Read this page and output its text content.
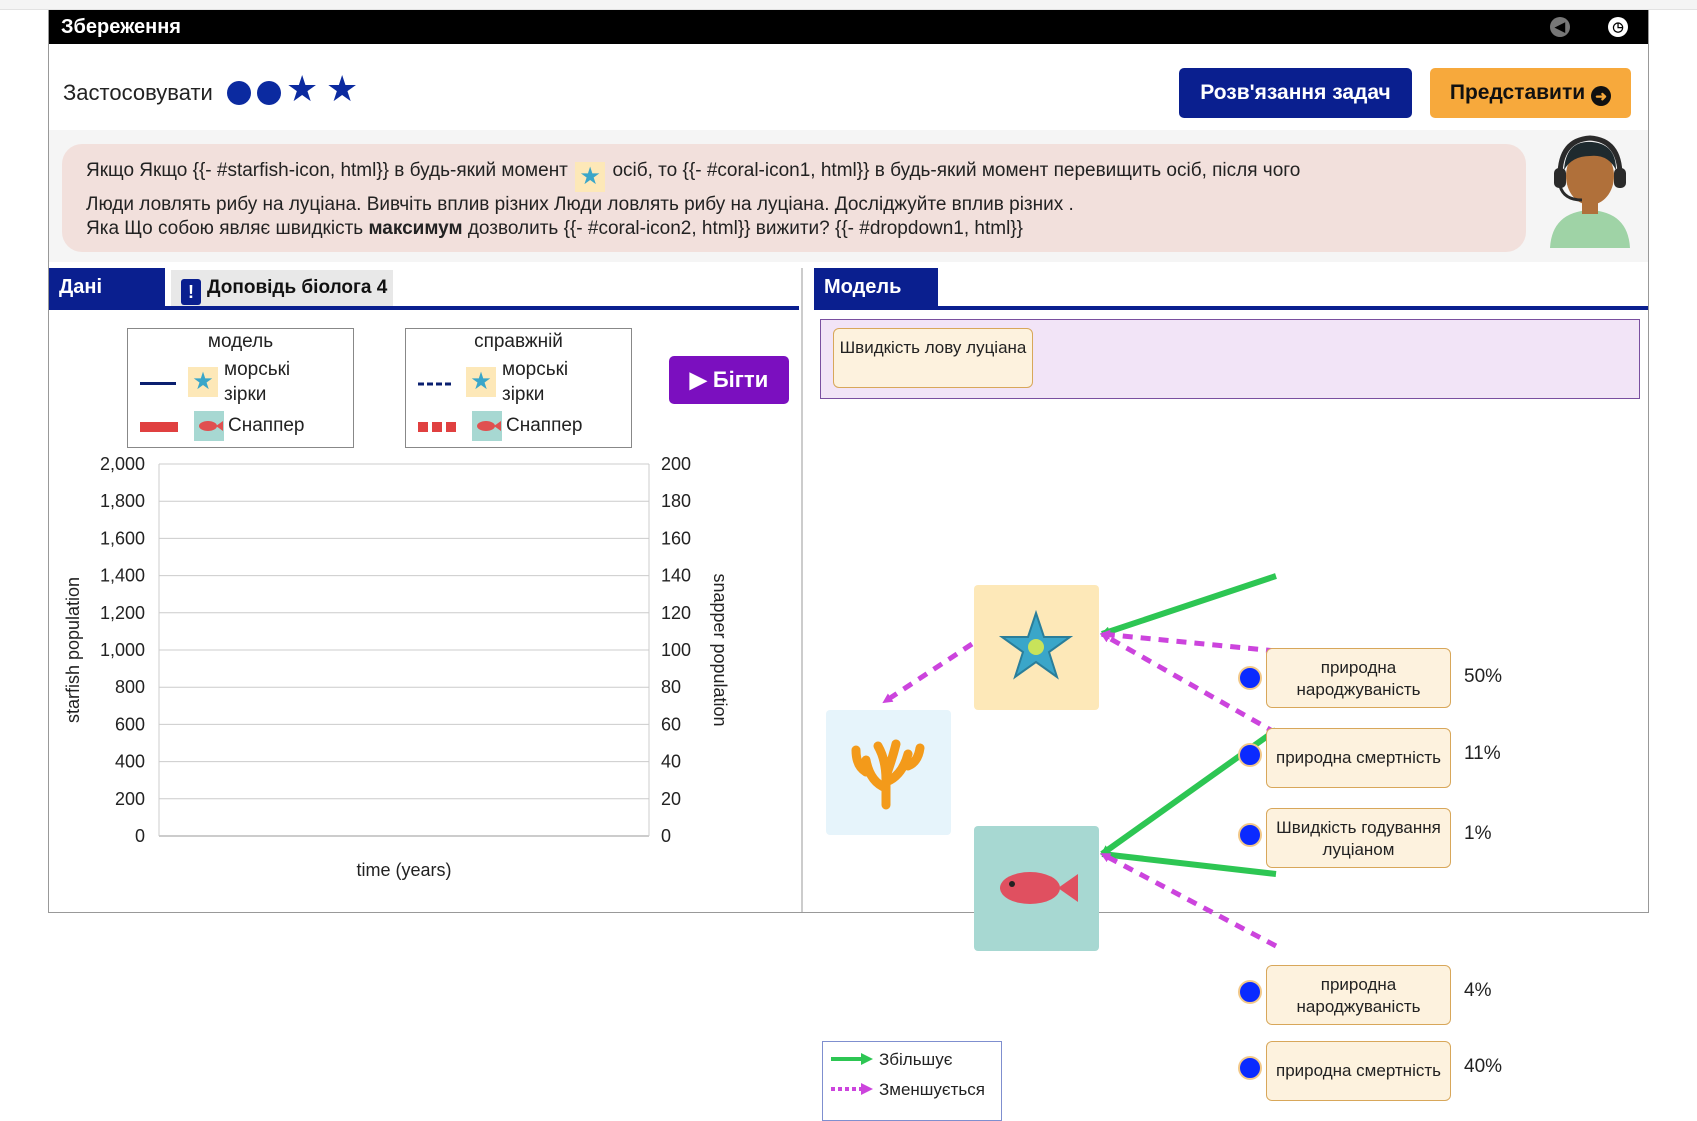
Збереження	◀	◷
Застосовувати ★ ★	Розв'язання задач	Представити ➜
Якщо Якщо {{- #starfish-icon, html}} в будь-який момент ★ осіб, то {{- #coral-icon1, html}} в будь-який момент перевищить осіб, після чого
Люди ловлять рибу на луціана. Вивчіть вплив різних Люди ловлять рибу на луціана. Досліджуйте вплив різних .
Яка Що собою являє швидкість максимум дозволить {{- #coral-icon2, html}} вижити? {{- #dropdown1, html}}
Дані	! Доповідь біолога 4
модель
★ морські зірки
Снаппер
справжній
★ морські зірки
Снаппер
▶ Бігти
2,000	200
1,800	180
1,600	160
1,400	140
1,200	120
1,000	100
800	80
600	60
400	40
200	20
0	0
starfish population	snapper population
time (years)
Модель
Швидкість лову луціана
природна народжуваність
50%
природна смертність	11%
Швидкість годування луціаном
1%
природна народжуваність
4%
природна смертність	40%
Збільшує
Зменшується
